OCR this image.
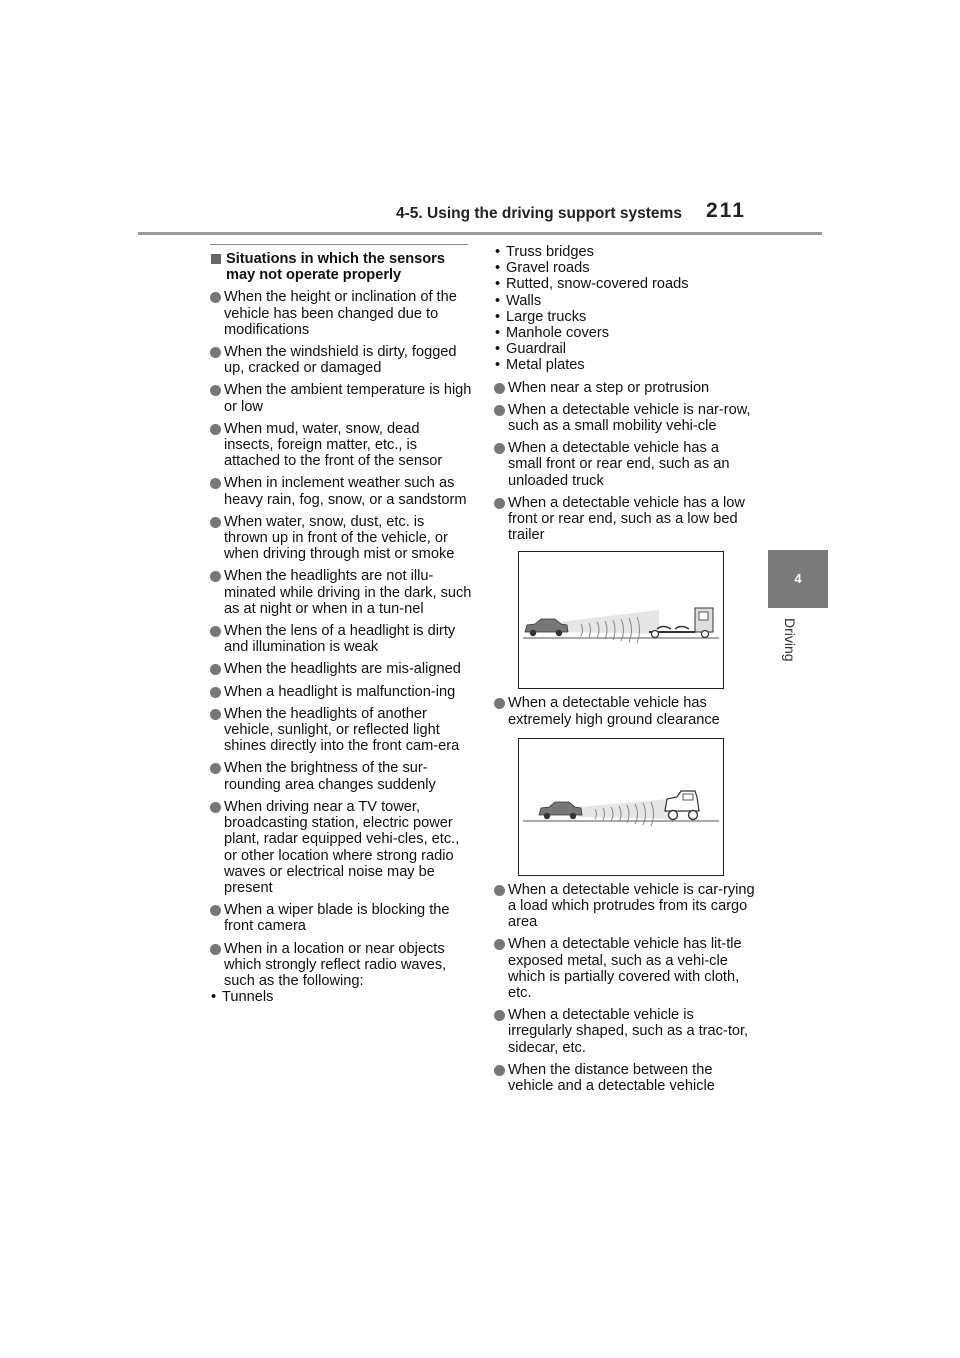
4-5. Using the driving support systems 211
4
Driving
Situations in which the sensors may not operate properly
When the height or inclination of the vehicle has been changed due to modifications
When the windshield is dirty, fogged up, cracked or damaged
When the ambient temperature is high or low
When mud, water, snow, dead insects, foreign matter, etc., is attached to the front of the sensor
When in inclement weather such as heavy rain, fog, snow, or a sandstorm
When water, snow, dust, etc. is thrown up in front of the vehicle, or when driving through mist or smoke
When the headlights are not illu-minated while driving in the dark, such as at night or when in a tun-nel
When the lens of a headlight is dirty and illumination is weak
When the headlights are mis-aligned
When a headlight is malfunction-ing
When the headlights of another vehicle, sunlight, or reflected light shines directly into the front cam-era
When the brightness of the sur-rounding area changes suddenly
When driving near a TV tower, broadcasting station, electric power plant, radar equipped vehi-cles, etc., or other location where strong radio waves or electrical noise may be present
When a wiper blade is blocking the front camera
When in a location or near objects which strongly reflect radio waves, such as the following:
• Tunnels
• Truss bridges
• Gravel roads
• Rutted, snow-covered roads
• Walls
• Large trucks
• Manhole covers
• Guardrail
• Metal plates
When near a step or protrusion
When a detectable vehicle is nar-row, such as a small mobility vehi-cle
When a detectable vehicle has a small front or rear end, such as an unloaded truck
When a detectable vehicle has a low front or rear end, such as a low bed trailer
When a detectable vehicle has extremely high ground clearance
When a detectable vehicle is car-rying a load which protrudes from its cargo area
When a detectable vehicle has lit-tle exposed metal, such as a vehi-cle which is partially covered with cloth, etc.
When a detectable vehicle is irregularly shaped, such as a trac-tor, sidecar, etc.
When the distance between the vehicle and a detectable vehicle
